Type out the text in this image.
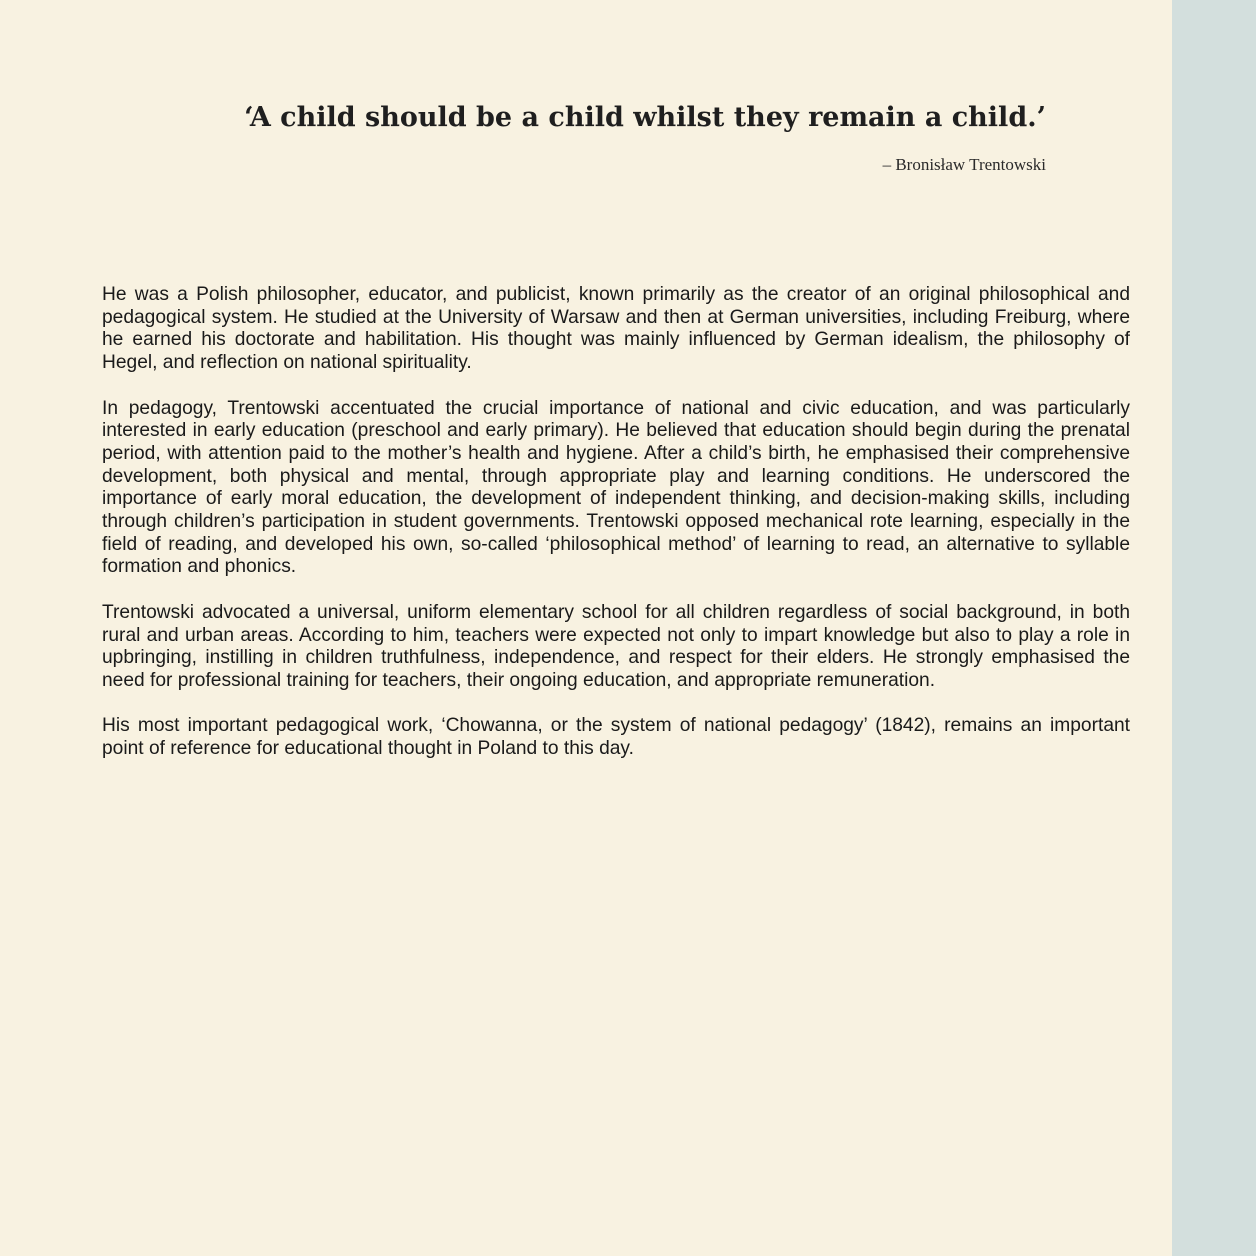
‘A child should be a child whilst they remain a child.’

– Bronisław Trentowski

He was a Polish philosopher, educator, and publicist, known primarily as the creator of an original philosophical and pedagogical system. He studied at the University of Warsaw and then at German universities, including Freiburg, where he earned his doctorate and habilitation. His thought was mainly influenced by German idealism, the philosophy of Hegel, and reflection on national spirituality.

In pedagogy, Trentowski accentuated the crucial importance of national and civic education, and was particularly interested in early education (preschool and early primary). He believed that education should begin during the prenatal period, with attention paid to the mother’s health and hygiene. After a child’s birth, he emphasised their comprehensive development, both physical and mental, through appropriate play and learning conditions. He underscored the importance of early moral education, the development of independent thinking, and decision-making skills, including through children’s participation in student governments. Trentowski opposed mechanical rote learning, especially in the field of reading, and developed his own, so-called ‘philosophical method’ of learning to read, an alternative to syllable formation and phonics.

Trentowski advocated a universal, uniform elementary school for all children regardless of social background, in both rural and urban areas. According to him, teachers were expected not only to impart knowledge but also to play a role in upbringing, instilling in children truthfulness, independence, and respect for their elders. He strongly emphasised the need for professional training for teachers, their ongoing education, and appropriate remuneration.

His most important pedagogical work, ‘Chowanna, or the system of national pedagogy’ (1842), remains an important point of reference for educational thought in Poland to this day.
